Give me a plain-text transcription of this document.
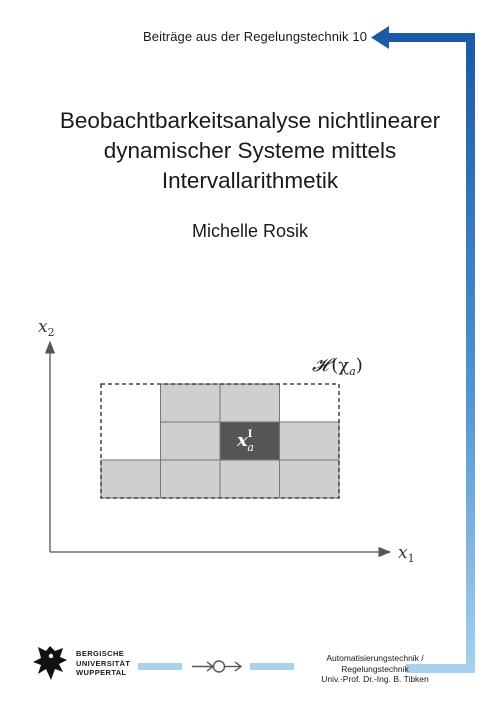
Beiträge aus der Regelungstechnik 10
Beobachtbarkeitsanalyse nichtlinearer
dynamischer Systeme mittels
Intervallarithmetik
Michelle Rosik
$x_2$
$x_1$
𝓗 $(\chi_a)$
$x^I$ a
BERGISCHE
UNIVERSITÄT
WUPPERTAL
Automatisierungstechnik /
Regelungstechnik
Univ.-Prof. Dr.-Ing. B. Tibken
